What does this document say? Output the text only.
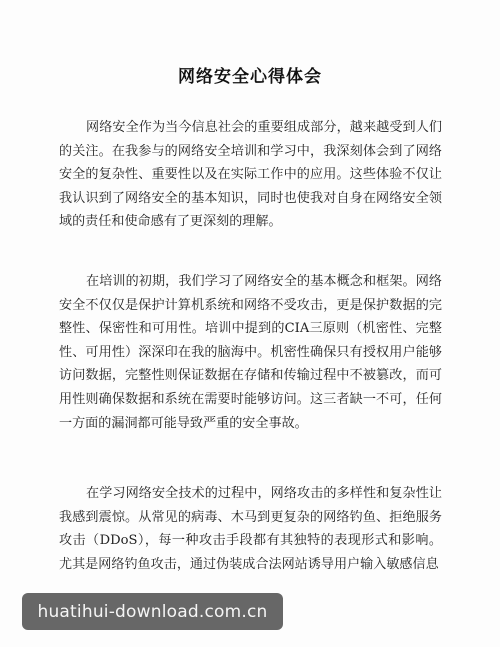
网络安全心得体会

网络安全作为当今信息社会的重要组成部分，越来越受到人们的关注。在我参与的网络安全培训和学习中，我深刻体会到了网络安全的复杂性、重要性以及在实际工作中的应用。这些体验不仅让我认识到了网络安全的基本知识，同时也使我对自身在网络安全领域的责任和使命感有了更深刻的理解。

在培训的初期，我们学习了网络安全的基本概念和框架。网络安全不仅仅是保护计算机系统和网络不受攻击，更是保护数据的完整性、保密性和可用性。培训中提到的CIA三原则（机密性、完整性、可用性）深深印在我的脑海中。机密性确保只有授权用户能够访问数据，完整性则保证数据在存储和传输过程中不被篡改，而可用性则确保数据和系统在需要时能够访问。这三者缺一不可，任何一方面的漏洞都可能导致严重的安全事故。

在学习网络安全技术的过程中，网络攻击的多样性和复杂性让我感到震惊。从常见的病毒、木马到更复杂的网络钓鱼、拒绝服务攻击（DDoS），每一种攻击手段都有其独特的表现形式和影响。尤其是网络钓鱼攻击，通过伪装成合法网站诱导用户输入敏感信息

huatihui-download.com.cn
